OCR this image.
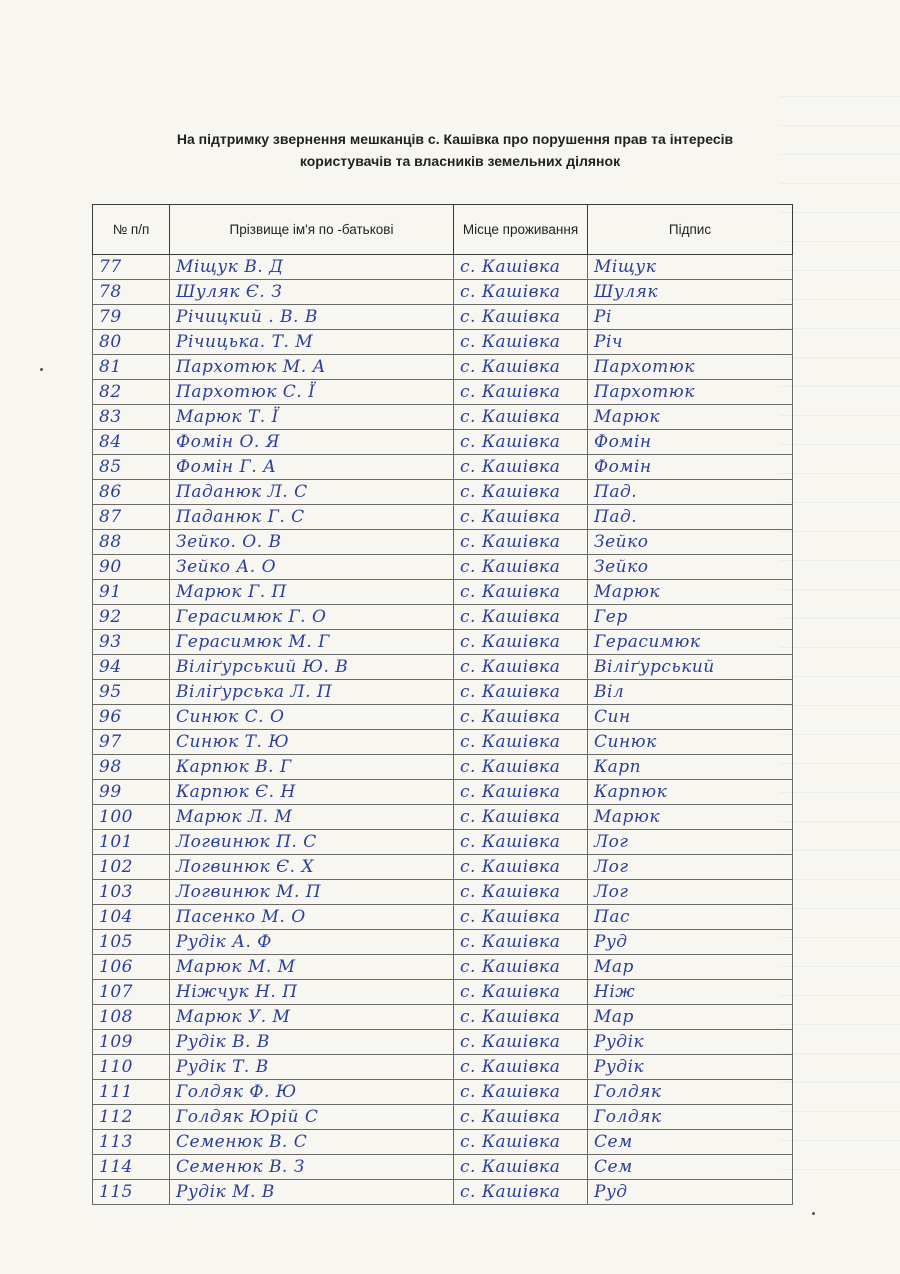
На підтримку звернення мешканців с. Кашівка про порушення прав та інтересів
користувачів та власників земельних ділянок
№ п/п	Прізвище ім'я по -батькові	Місце проживання	Підпис
77	Міщук В. Д	с. Кашівка	Міщук
78	Шуляк Є. З	с. Кашівка	Шуляк
79	Річицкий . В. В	с. Кашівка	Рі
80	Річицька. Т. М	с. Кашівка	Річ
81	Пархотюк М. А	с. Кашівка	Пархотюк
82	Пархотюк С. Ї	с. Кашівка	Пархотюк
83	Марюк Т. Ї	с. Кашівка	Марюк
84	Фомін О. Я	с. Кашівка	Фомін
85	Фомін Г. А	с. Кашівка	Фомін
86	Паданюк Л. С	с. Кашівка	Пад.
87	Паданюк Г. С	с. Кашівка	Пад.
88	Зейко. О. В	с. Кашівка	Зейко
90	Зейко А. О	с. Кашівка	Зейко
91	Марюк Г. П	с. Кашівка	Марюк
92	Герасимюк Г. О	с. Кашівка	Гер
93	Герасимюк М. Г	с. Кашівка	Герасимюк
94	Віліґурський Ю. В	с. Кашівка	Віліґурський
95	Віліґурська Л. П	с. Кашівка	Віл
96	Синюк С. О	с. Кашівка	Син
97	Синюк Т. Ю	с. Кашівка	Синюк
98	Карпюк В. Г	с. Кашівка	Карп
99	Карпюк Є. Н	с. Кашівка	Карпюк
100	Марюк Л. М	с. Кашівка	Марюк
101	Логвинюк П. С	с. Кашівка	Лог
102	Логвинюк Є. Х	с. Кашівка	Лог
103	Логвинюк М. П	с. Кашівка	Лог
104	Пасенко М. О	с. Кашівка	Пас
105	Рудік А. Ф	с. Кашівка	Руд
106	Марюк М. М	с. Кашівка	Мар
107	Ніжчук Н. П	с. Кашівка	Ніж
108	Марюк У. М	с. Кашівка	Мар
109	Рудік В. В	с. Кашівка	Рудік
110	Рудік Т. В	с. Кашівка	Рудік
111	Голдяк Ф. Ю	с. Кашівка	Голдяк
112	Голдяк Юрій С	с. Кашівка	Голдяк
113	Семенюк В. С	с. Кашівка	Сем
114	Семенюк В. З	с. Кашівка	Сем
115	Рудік М. В	с. Кашівка	Руд
